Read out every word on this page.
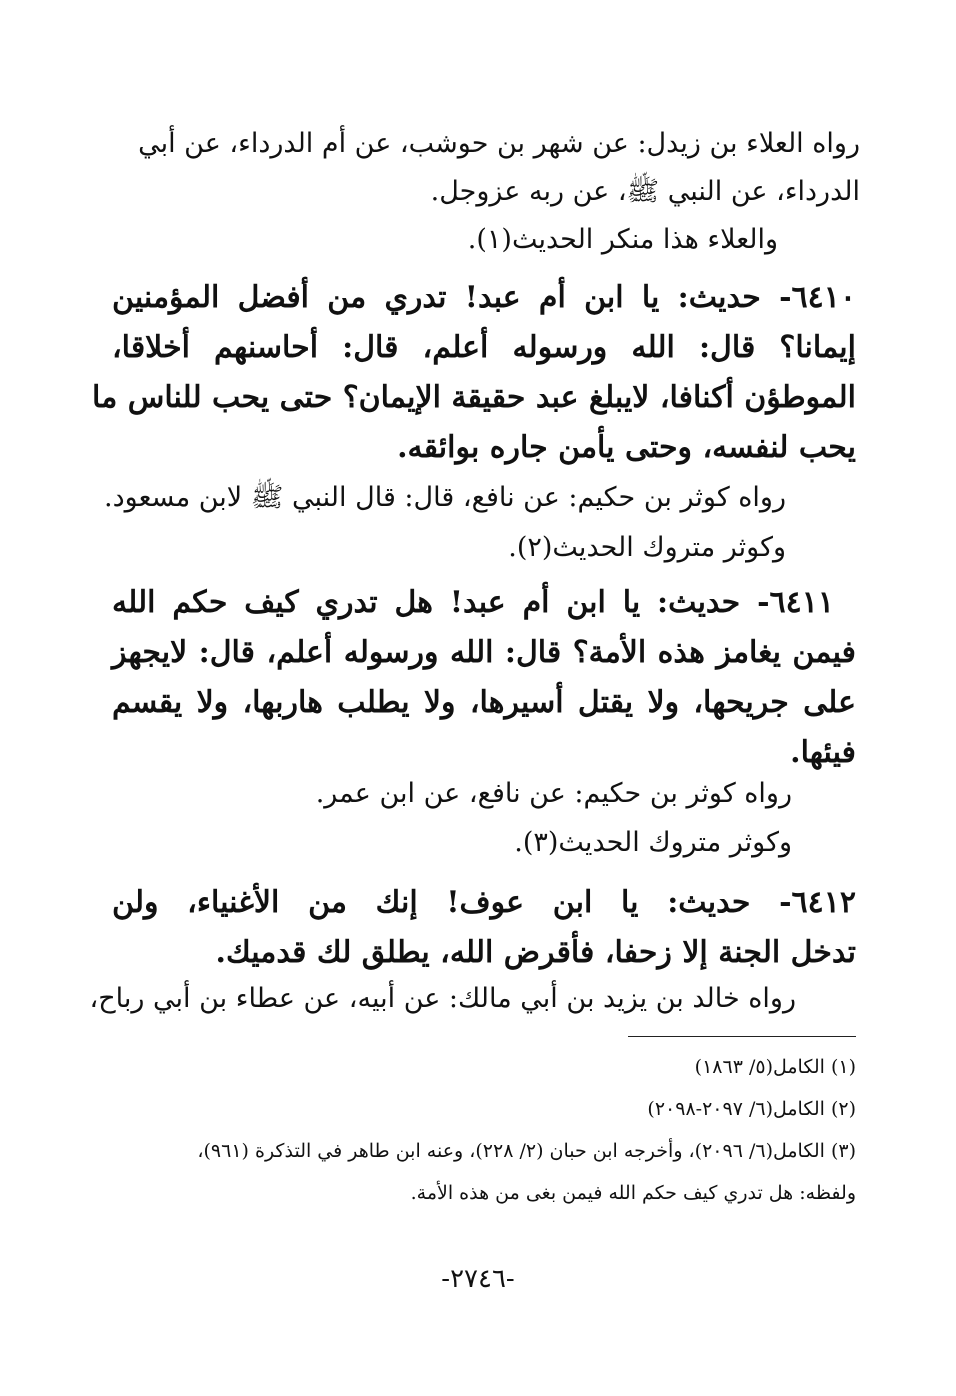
رواه العلاء بن زيدل: عن شهر بن حوشب، عن أم الدرداء، عن أبي
الدرداء، عن النبي ﷺ، عن ربه عزوجل.
والعلاء هذا منكر الحديث(١).
٦٤١٠- حديث: يا ابن أم عبد! تدري من أفضل المؤمنين
إيمانا؟ قال: الله ورسوله أعلم، قال: أحاسنهم أخلاقا،
الموطؤن أكنافا، لايبلغ عبد حقيقة الإيمان؟ حتى يحب للناس ما
يحب لنفسه، وحتى يأمن جاره بوائقه.
رواه كوثر بن حكيم: عن نافع، قال: قال النبي ﷺ لابن مسعود.
وكوثر متروك الحديث(٢).
٦٤١١- حديث: يا ابن أم عبد! هل تدري كيف حكم الله
فيمن يغامز هذه الأمة؟ قال: الله ورسوله أعلم، قال: لايجهز
على جريحها، ولا يقتل أسيرها، ولا يطلب هاربها، ولا يقسم
فيئها.
رواه كوثر بن حكيم: عن نافع، عن ابن عمر.
وكوثر متروك الحديث(٣).
٦٤١٢- حديث: يا ابن عوف! إنك من الأغنياء، ولن
تدخل الجنة إلا زحفا، فأقرض الله، يطلق لك قدميك.
رواه خالد بن يزيد بن أبي مالك: عن أبيه، عن عطاء بن أبي رباح،
(١) الكامل(٥/ ١٨٦٣)
(٢) الكامل(٦/ ٢٠٩٧-٢٠٩٨)
(٣) الكامل(٦/ ٢٠٩٦)، وأخرجه ابن حبان (٢/ ٢٢٨)، وعنه ابن طاهر في التذكرة (٩٦١)،
ولفظه: هل تدري كيف حكم الله فيمن بغى من هذه الأمة.
-٢٧٤٦-
